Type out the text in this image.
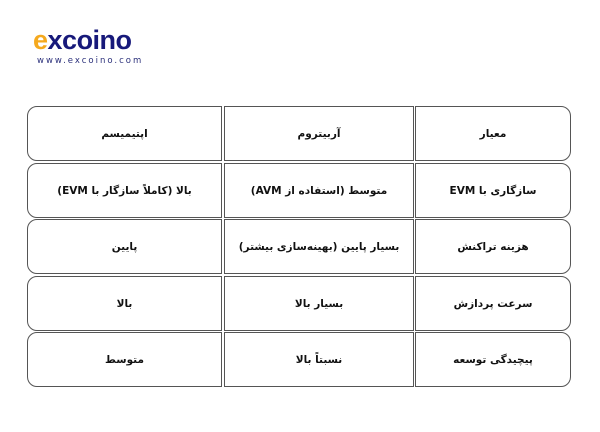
excoino
www.excoino.com
معیار
آربیتروم
اپتیمیسم
سازگاری با EVM
متوسط (استفاده از AVM)
بالا (کاملاً سازگار با EVM)
هزینه تراکنش
بسیار پایین (بهینه‌سازی بیشتر)
پایین
سرعت پردازش
بسیار بالا
بالا
پیچیدگی توسعه
نسبتاً بالا
متوسط
